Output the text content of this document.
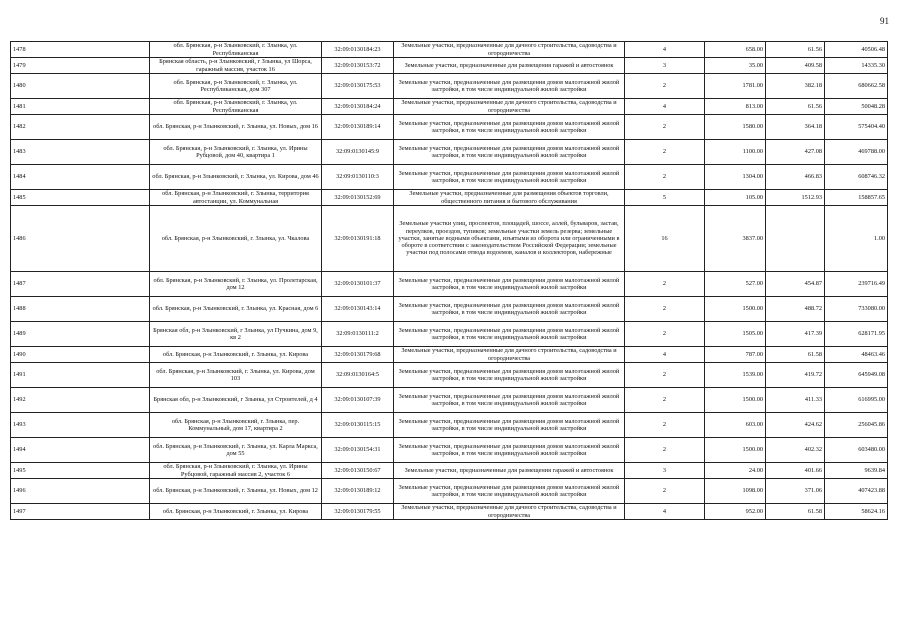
91
1478	обл. Брянская, р-н Злынковский, г. Злынка, ул. Республиканская	32:09:0130184:23	Земельные участки, предназначенные для дачного строительства, садоводства и огородничества	4	658.00	61.56	40506.48
1479	Брянская область, р-н Злынковский, г Злынка, ул Шорса, гаражный массив, участок 16	32:09:0130153:72	Земельные участки, предназначенные для размещения гаражей и автостоянок	3	35.00	409.58	14335.30
1480	обл. Брянская, р-н Злынковский, г. Злынка, ул. Республиканская, дом 307	32:09:0130175:53	Земельные участки, предназначенные для размещения домов малоэтажной жилой застройки, в том числе индивидуальной жилой застройки	2	1781.00	382.18	680662.58
1481	обл. Брянская, р-н Злынковский, г. Злынка, ул. Республиканская	32:09:0130184:24	Земельные участки, предназначенные для дачного строительства, садоводства и огородничества	4	813.00	61.56	50048.28
1482	обл. Брянская, р-н Злынковский, г. Злынка, ул. Новых, дом 16	32:09:0130189:14	Земельные участки, предназначенные для размещения домов малоэтажной жилой застройки, в том числе индивидуальной жилой застройки	2	1580.00	364.18	575404.40
1483	обл. Брянская, р-н Злынковский, г. Злынка, ул. Ирины Рубцовой, дом 40, квартира 1	32:09:0130145:9	Земельные участки, предназначенные для размещения домов малоэтажной жилой застройки, в том числе индивидуальной жилой застройки	2	1100.00	427.08	469788.00
1484	обл. Брянская, р-н Злынковский, г. Злынка, ул. Кирова, дом 46	32:09:0130110:3	Земельные участки, предназначенные для размещения домов малоэтажной жилой застройки, в том числе индивидуальной жилой застройки	2	1304.00	466.83	608746.32
1485	обл. Брянская, р-н Злынковский, г. Злынка, территория автостанции, ул. Коммунальная	32:09:0130152:69	Земельные участки, предназначенные для размещения объектов торговли, общественного питания и бытового обслуживания	5	105.00	1512.93	158857.65
1486	обл. Брянская, р-н Злынковский, г. Злынка, ул. Чкалова	32:09:0130191:18	Земельные участки улиц, проспектов, площадей, шоссе, аллей, бульваров, застав, переулков, проездов, тупиков; земельные участки земель резерва; земельные участки, занятые водными объектами, изъятыми из оборота или ограниченными в обороте в соответствии с законодательством Российской Федерации; земельные участки под полосами отвода водоемов, каналов и коллекторов, набережные	16	3837.00		1.00
1487	обл. Брянская, р-н Злынковский, г. Злынка, ул. Пролетарская, дом 12	32:09:0130101:37	Земельные участки, предназначенные для размещения домов малоэтажной жилой застройки, в том числе индивидуальной жилой застройки	2	527.00	454.87	239716.49
1488	обл. Брянская, р-н Злынковский, г. Злынка, ул. Красная, дом 6	32:09:0130143:14	Земельные участки, предназначенные для размещения домов малоэтажной жилой застройки, в том числе индивидуальной жилой застройки	2	1500.00	488.72	733080.00
1489	Брянская обл, р-н Злынковский, г Злынка, ул Пучкина, дом 9, кв 2	32:09:0130111:2	Земельные участки, предназначенные для размещения домов малоэтажной жилой застройки, в том числе индивидуальной жилой застройки	2	1505.00	417.39	628171.95
1490	обл. Брянская, р-н Злынковский, г. Злынка, ул. Кирова	32:09:0130179:68	Земельные участки, предназначенные для дачного строительства, садоводства и огородничества	4	787.00	61.58	48463.46
1491	обл. Брянская, р-н Злынковский, г. Злынка, ул. Кирова, дом 103	32:09:0130164:5	Земельные участки, предназначенные для размещения домов малоэтажной жилой застройки, в том числе индивидуальной жилой застройки	2	1539.00	419.72	645949.08
1492	Брянская обл, р-н Злынковский, г Злынка, ул Строителей, д 4	32:09:0130107:39	Земельные участки, предназначенные для размещения домов малоэтажной жилой застройки, в том числе индивидуальной жилой застройки	2	1500.00	411.33	616995.00
1493	обл. Брянская, р-н Злынковский, г. Злынка, пер. Коммунальный, дом 17, квартира 2	32:09:0130115:15	Земельные участки, предназначенные для размещения домов малоэтажной жилой застройки, в том числе индивидуальной жилой застройки	2	603.00	424.62	256045.86
1494	обл. Брянская, р-н Злынковский, г. Злынка, ул. Карла Маркса, дом 55	32:09:0130154:31	Земельные участки, предназначенные для размещения домов малоэтажной жилой застройки, в том числе индивидуальной жилой застройки	2	1500.00	402.32	603480.00
1495	обл. Брянская, р-н Злынковский, г. Злынка, ул. Ирины Рубцовой, гаражный массив 2, участок 6	32:09:0130150:67	Земельные участки, предназначенные для размещения гаражей и автостоянок	3	24.00	401.66	9639.84
1496	обл. Брянская, р-н Злынковский, г. Злынка, ул. Новых, дом 12	32:09:0130189:12	Земельные участки, предназначенные для размещения домов малоэтажной жилой застройки, в том числе индивидуальной жилой застройки	2	1098.00	371.06	407423.88
1497	обл. Брянская, р-н Злынковский, г. Злынка, ул. Кирова	32:09:0130179:55	Земельные участки, предназначенные для дачного строительства, садоводства и огородничества	4	952.00	61.58	58624.16
